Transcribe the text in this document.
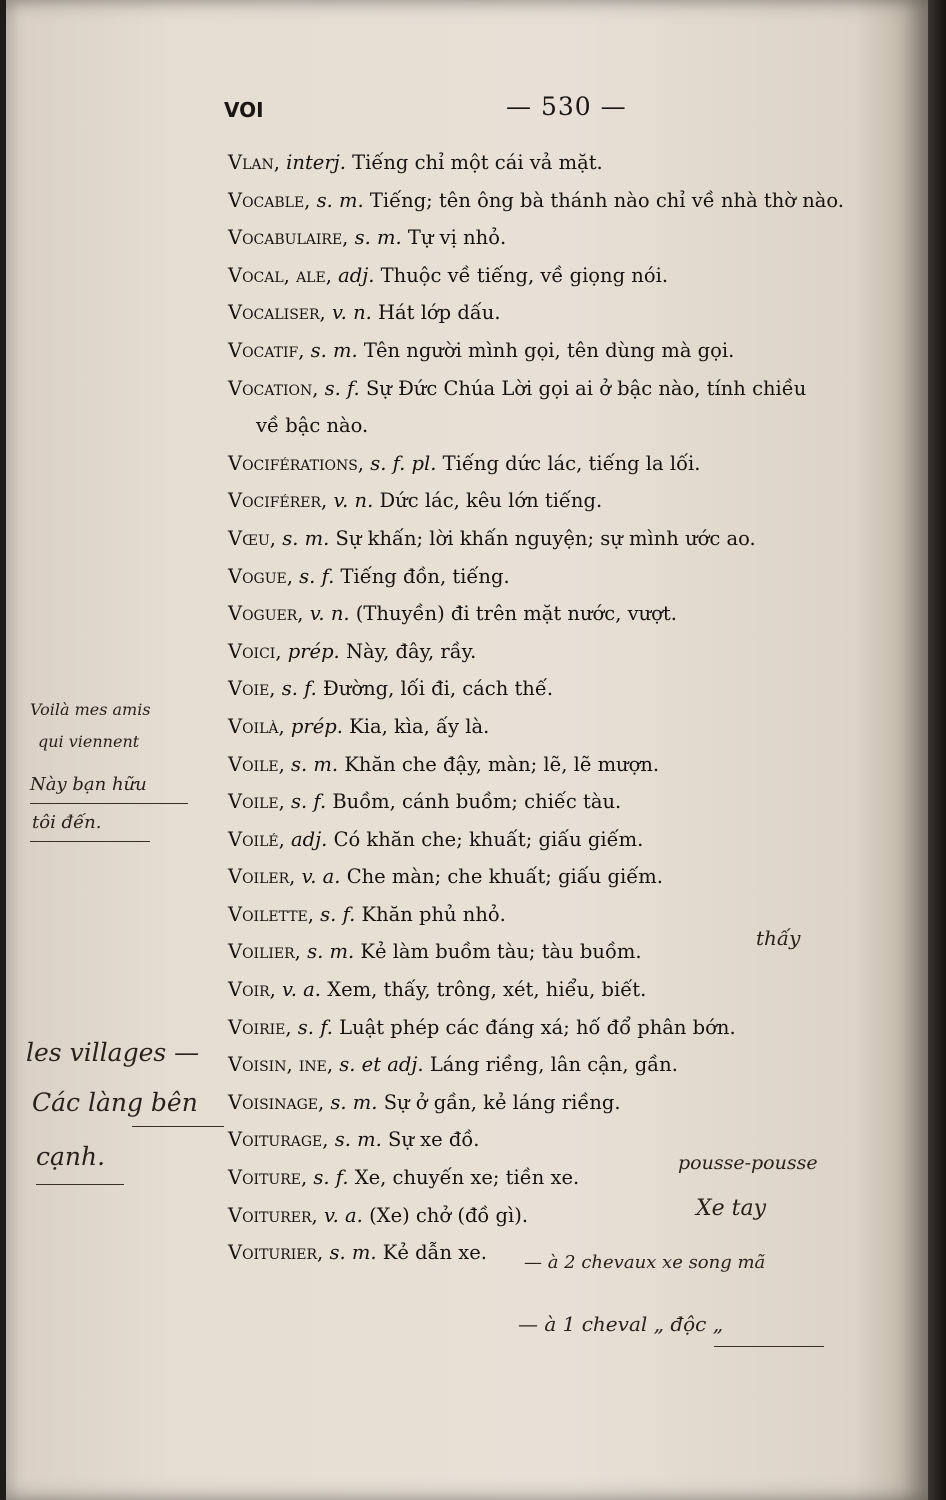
VOI	— 530 —
Vlan, interj. Tiếng chỉ một cái vả mặt.
Vocable, s. m. Tiếng; tên ông bà thánh nào chỉ về nhà thờ nào.
Vocabulaire, s. m. Tự vị nhỏ.
Vocal, ale, adj. Thuộc về tiếng, về giọng nói.
Vocaliser, v. n. Hát lớp dấu.
Vocatif, s. m. Tên người mình gọi, tên dùng mà gọi.
Vocation, s. f. Sự Đức Chúa Lời gọi ai ở bậc nào, tính chiều
về bậc nào.
Vociférations, s. f. pl. Tiếng dức lác, tiếng la lối.
Vociférer, v. n. Dức lác, kêu lớn tiếng.
Vœu, s. m. Sự khấn; lời khấn nguyện; sự mình ước ao.
Vogue, s. f. Tiếng đồn, tiếng.
Voguer, v. n. (Thuyền) đi trên mặt nước, vượt.
Voici, prép. Này, đây, rầy.
Voie, s. f. Đường, lối đi, cách thế.
Voilà, prép. Kia, kìa, ấy là.
Voile, s. m. Khăn che đậy, màn; lẽ, lẽ mượn.
Voile, s. f. Buồm, cánh buồm; chiếc tàu.
Voilé, adj. Có khăn che; khuất; giấu giếm.
Voiler, v. a. Che màn; che khuất; giấu giếm.
Voilette, s. f. Khăn phủ nhỏ.
Voilier, s. m. Kẻ làm buồm tàu; tàu buồm.
Voir, v. a. Xem, thấy, trông, xét, hiểu, biết.
Voirie, s. f. Luật phép các đáng xá; hố đổ phân bớn.
Voisin, ine, s. et adj. Láng riềng, lân cận, gần.
Voisinage, s. m. Sự ở gần, kẻ láng riềng.
Voiturage, s. m. Sự xe đồ.
Voiture, s. f. Xe, chuyến xe; tiền xe.
Voiturer, v. a. (Xe) chở (đồ gì).
Voiturier, s. m. Kẻ dẫn xe.

Voilà mes amis

qui viennent

Này bạn hữu

tôi đến.

thấy

les villages —

Các làng bên

cạnh.	pousse-pousse

Xe tay

— à 2 chevaux xe song mã

— à 1 cheval „ độc „
